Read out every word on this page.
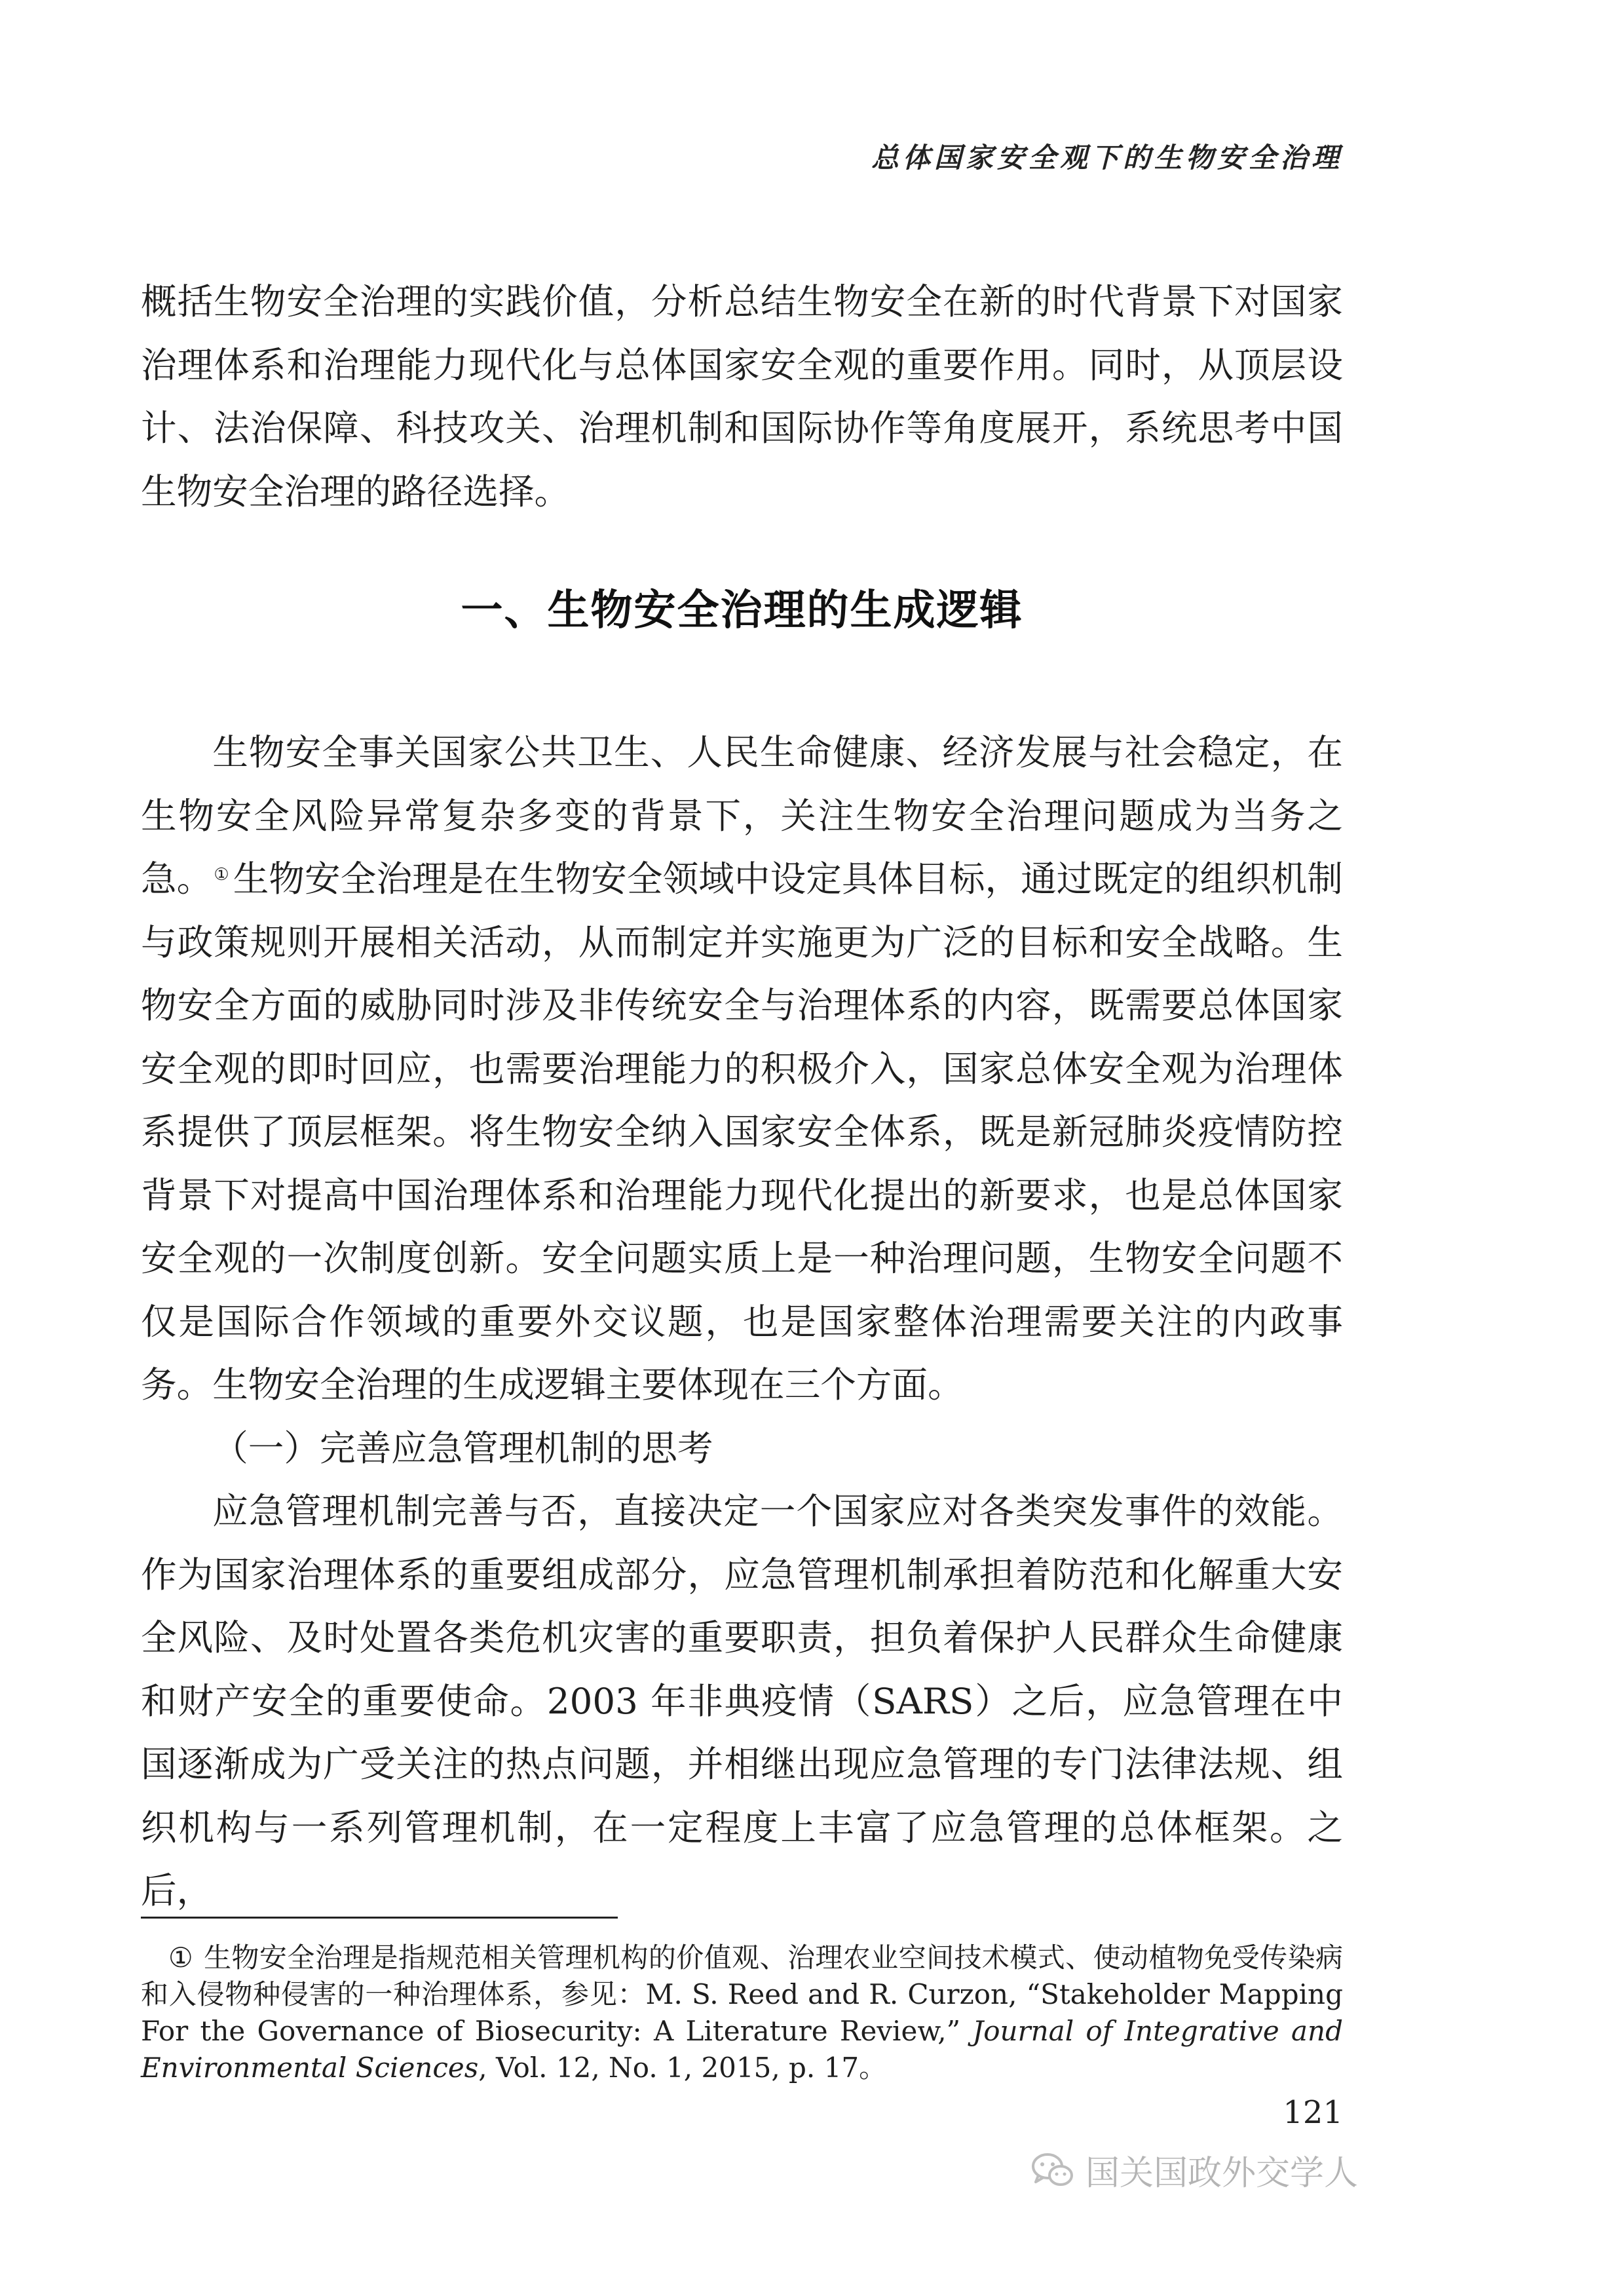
总体国家安全观下的生物安全治理

概括生物安全治理的实践价值，分析总结生物安全在新的时代背景下对国家治理体系和治理能力现代化与总体国家安全观的重要作用。同时，从顶层设计、法治保障、科技攻关、治理机制和国际协作等角度展开，系统思考中国生物安全治理的路径选择。

一、生物安全治理的生成逻辑

生物安全事关国家公共卫生、人民生命健康、经济发展与社会稳定，在生物安全风险异常复杂多变的背景下，关注生物安全治理问题成为当务之急。① 生物安全治理是在生物安全领域中设定具体目标，通过既定的组织机制与政策规则开展相关活动，从而制定并实施更为广泛的目标和安全战略。生物安全方面的威胁同时涉及非传统安全与治理体系的内容，既需要总体国家安全观的即时回应，也需要治理能力的积极介入，国家总体安全观为治理体系提供了顶层框架。将生物安全纳入国家安全体系，既是新冠肺炎疫情防控背景下对提高中国治理体系和治理能力现代化提出的新要求，也是总体国家安全观的一次制度创新。安全问题实质上是一种治理问题，生物安全问题不仅是国际合作领域的重要外交议题，也是国家整体治理需要关注的内政事务。生物安全治理的生成逻辑主要体现在三个方面。

（一）完善应急管理机制的思考

应急管理机制完善与否，直接决定一个国家应对各类突发事件的效能。作为国家治理体系的重要组成部分，应急管理机制承担着防范和化解重大安全风险、及时处置各类危机灾害的重要职责，担负着保护人民群众生命健康和财产安全的重要使命。2003 年非典疫情（SARS）之后，应急管理在中国逐渐成为广受关注的热点问题，并相继出现应急管理的专门法律法规、组织机构与一系列管理机制，在一定程度上丰富了应急管理的总体框架。之后，

① 生物安全治理是指规范相关管理机构的价值观、治理农业空间技术模式、使动植物免受传染病和入侵物种侵害的一种治理体系，参见：M. S. Reed and R. Curzon, “Stakeholder Mapping For the Governance of Biosecurity: A Literature Review,” Journal of Integrative and Environmental Sciences, Vol. 12, No. 1, 2015, p. 17。

121
国关国政外交学人
